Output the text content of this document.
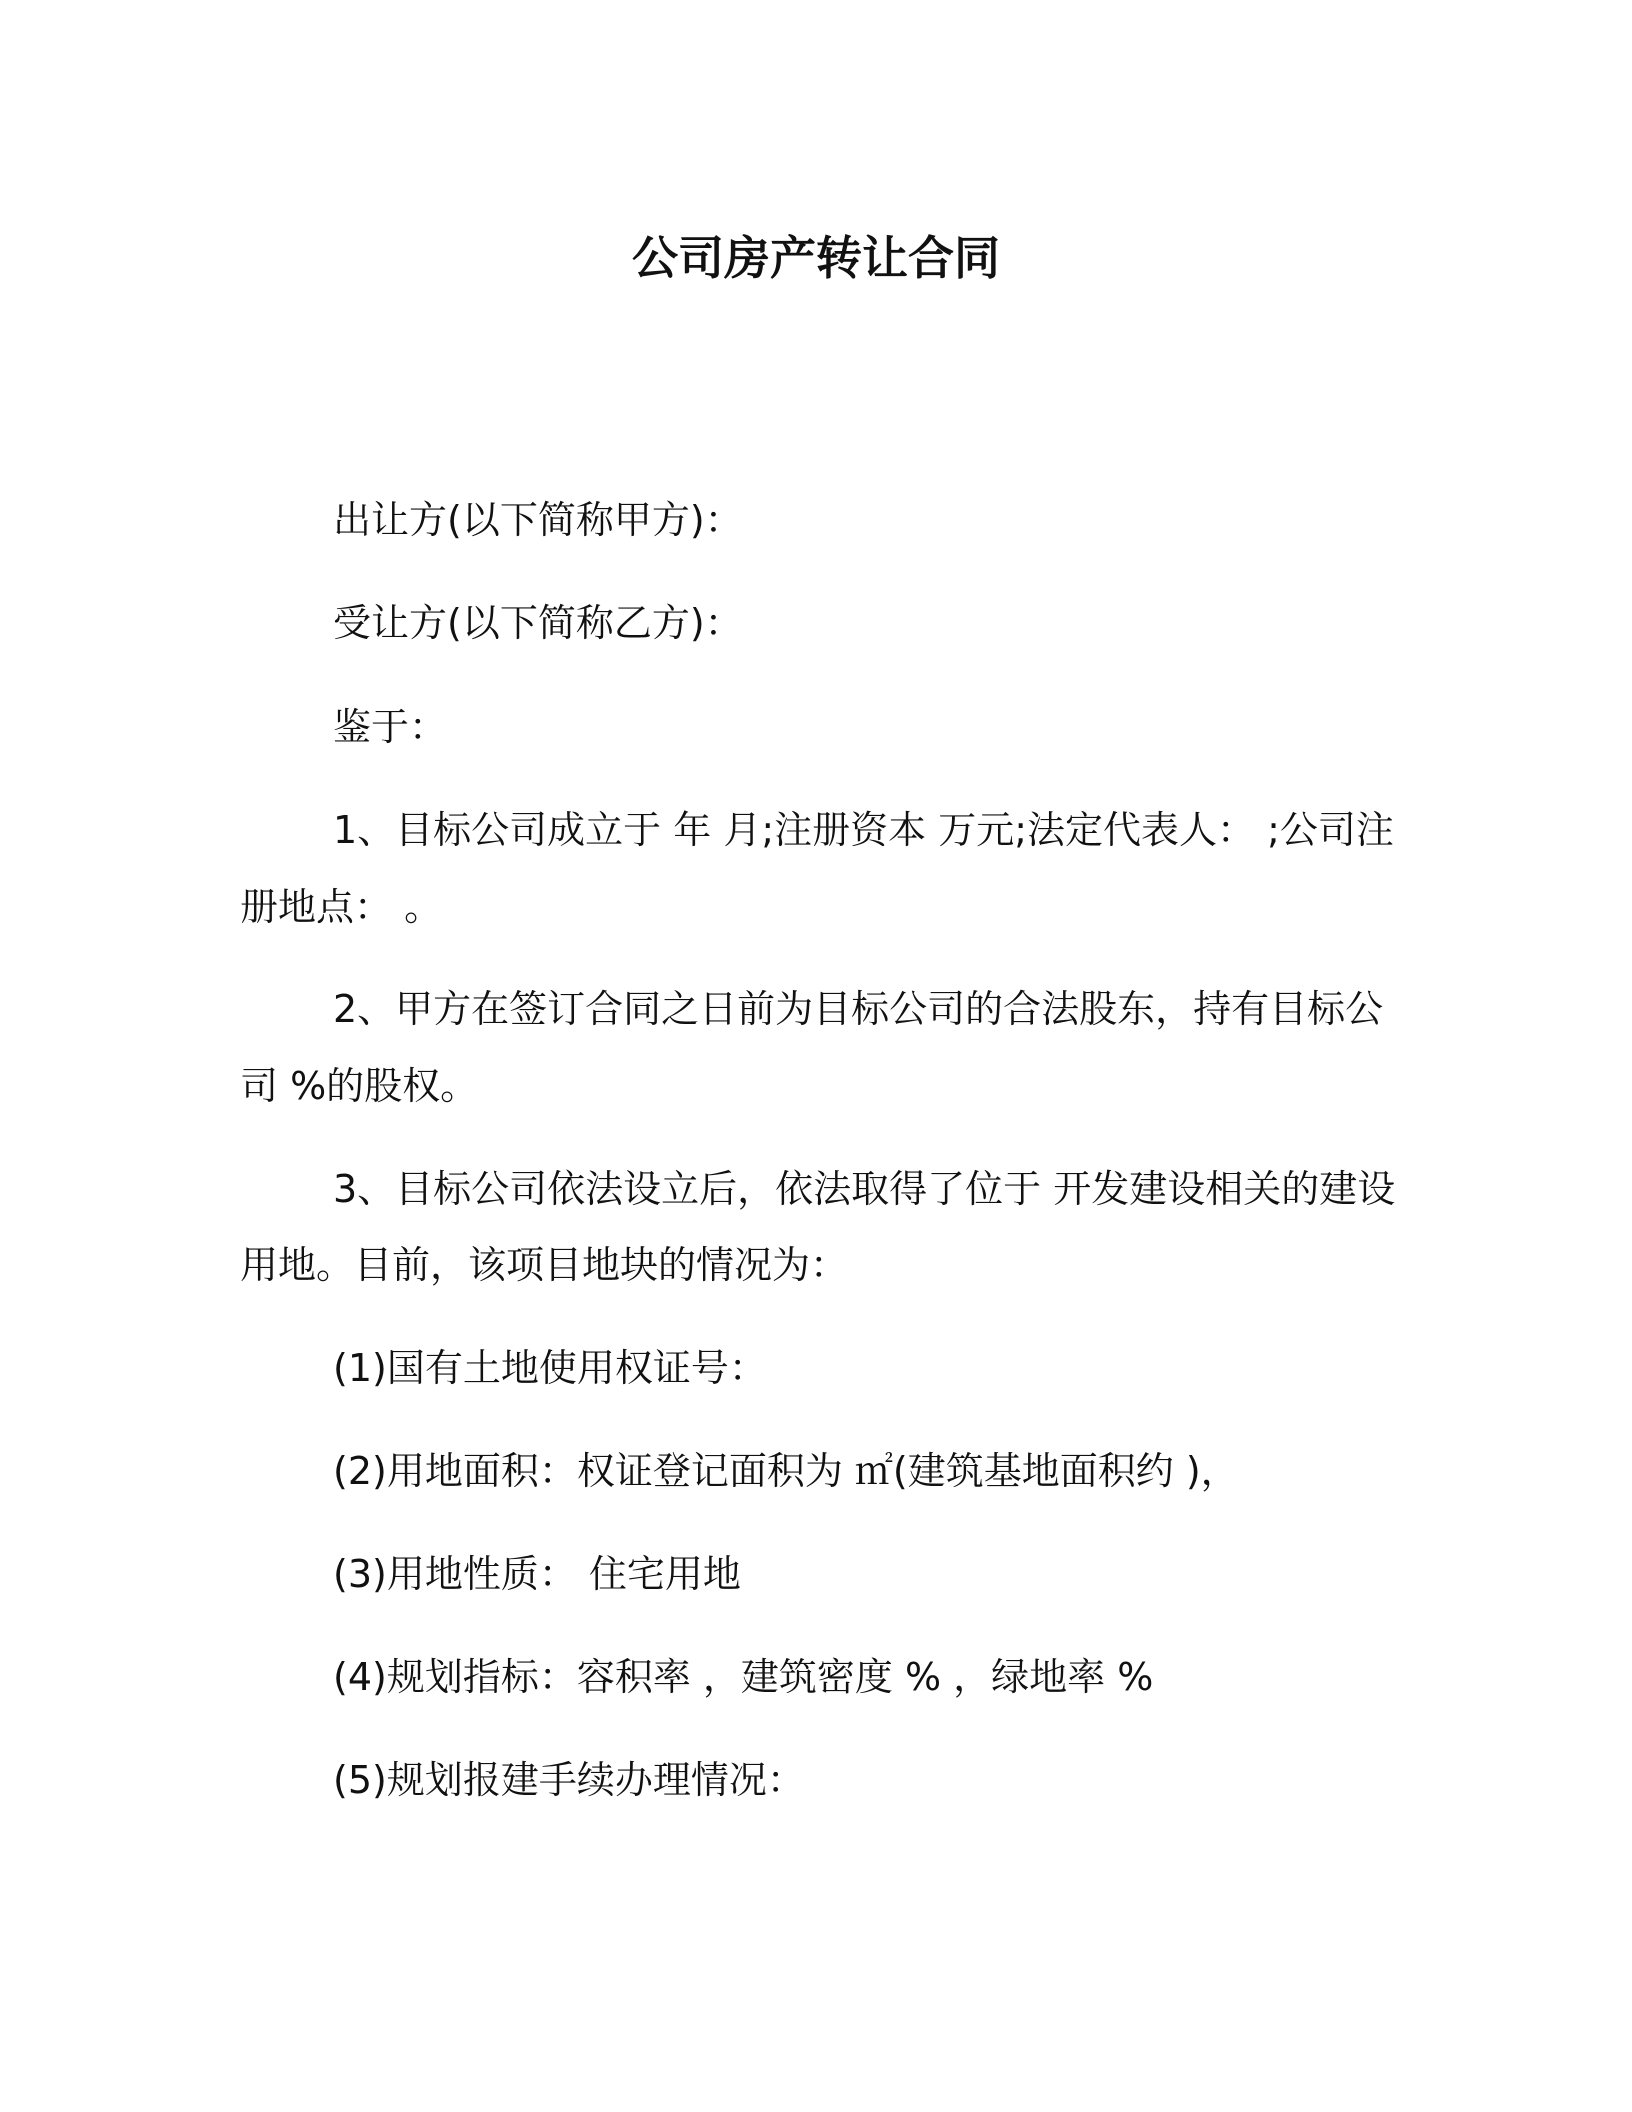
公司房产转让合同

出让方(以下简称甲方)：

受让方(以下简称乙方)：

鉴于：

1、目标公司成立于 年 月;注册资本 万元;法定代表人： ;公司注

册地点： 。

2、甲方在签订合同之日前为目标公司的合法股东，持有目标公

司 %的股权。

3、目标公司依法设立后，依法取得了位于 开发建设相关的建设

用地。目前，该项目地块的情况为：

(1)国有土地使用权证号：

(2)用地面积：权证登记面积为 ㎡(建筑基地面积约 )，

(3)用地性质： 住宅用地

(4)规划指标：容积率 ，建筑密度 % ，绿地率 %

(5)规划报建手续办理情况：
